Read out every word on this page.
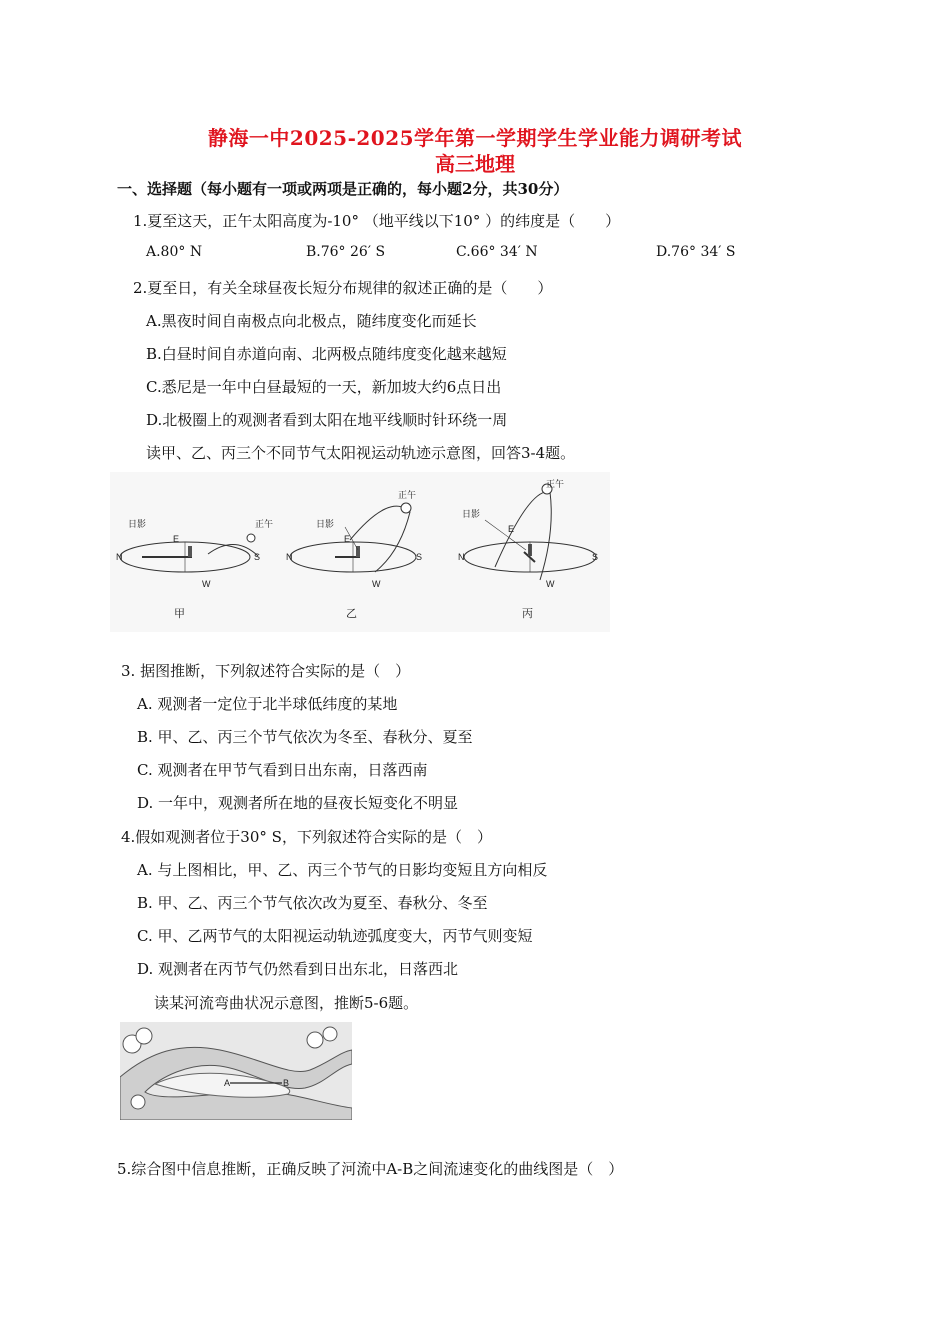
静海一中2025-2025学年第一学期学生学业能力调研考试
高三地理
一、选择题（每小题有一项或两项是正确的，每小题2分，共30分）
1.夏至这天，正午太阳高度为-10° （地平线以下10° ）的纬度是（　　）
A.80° N	B.76° 26′ S	C.66° 34′ N	D.76° 34′ S
2.夏至日，有关全球昼夜长短分布规律的叙述正确的是（　　）
A.黑夜时间自南极点向北极点，随纬度变化而延长
B.白昼时间自赤道向南、北两极点随纬度变化越来越短
C.悉尼是一年中白昼最短的一天，新加坡大约6点日出
D.北极圈上的观测者看到太阳在地平线顺时针环绕一周
读甲、乙、丙三个不同节气太阳视运动轨迹示意图，回答3-4题。
N	S
E
W
日影	正午
甲
N	S
E
W
日影
正午
乙
N	S
E
W
日影
正午
丙
3. 据图推断，下列叙述符合实际的是（　）
A. 观测者一定位于北半球低纬度的某地
B. 甲、乙、丙三个节气依次为冬至、春秋分、夏至
C. 观测者在甲节气看到日出东南，日落西南
D. 一年中，观测者所在地的昼夜长短变化不明显
4.假如观测者位于30° S，下列叙述符合实际的是（　）
A. 与上图相比，甲、乙、丙三个节气的日影均变短且方向相反
B. 甲、乙、丙三个节气依次改为夏至、春秋分、冬至
C. 甲、乙两节气的太阳视运动轨迹弧度变大，丙节气则变短
D. 观测者在丙节气仍然看到日出东北，日落西北
读某河流弯曲状况示意图，推断5-6题。
A	B
5.综合图中信息推断，正确反映了河流中A-B之间流速变化的曲线图是（　）
